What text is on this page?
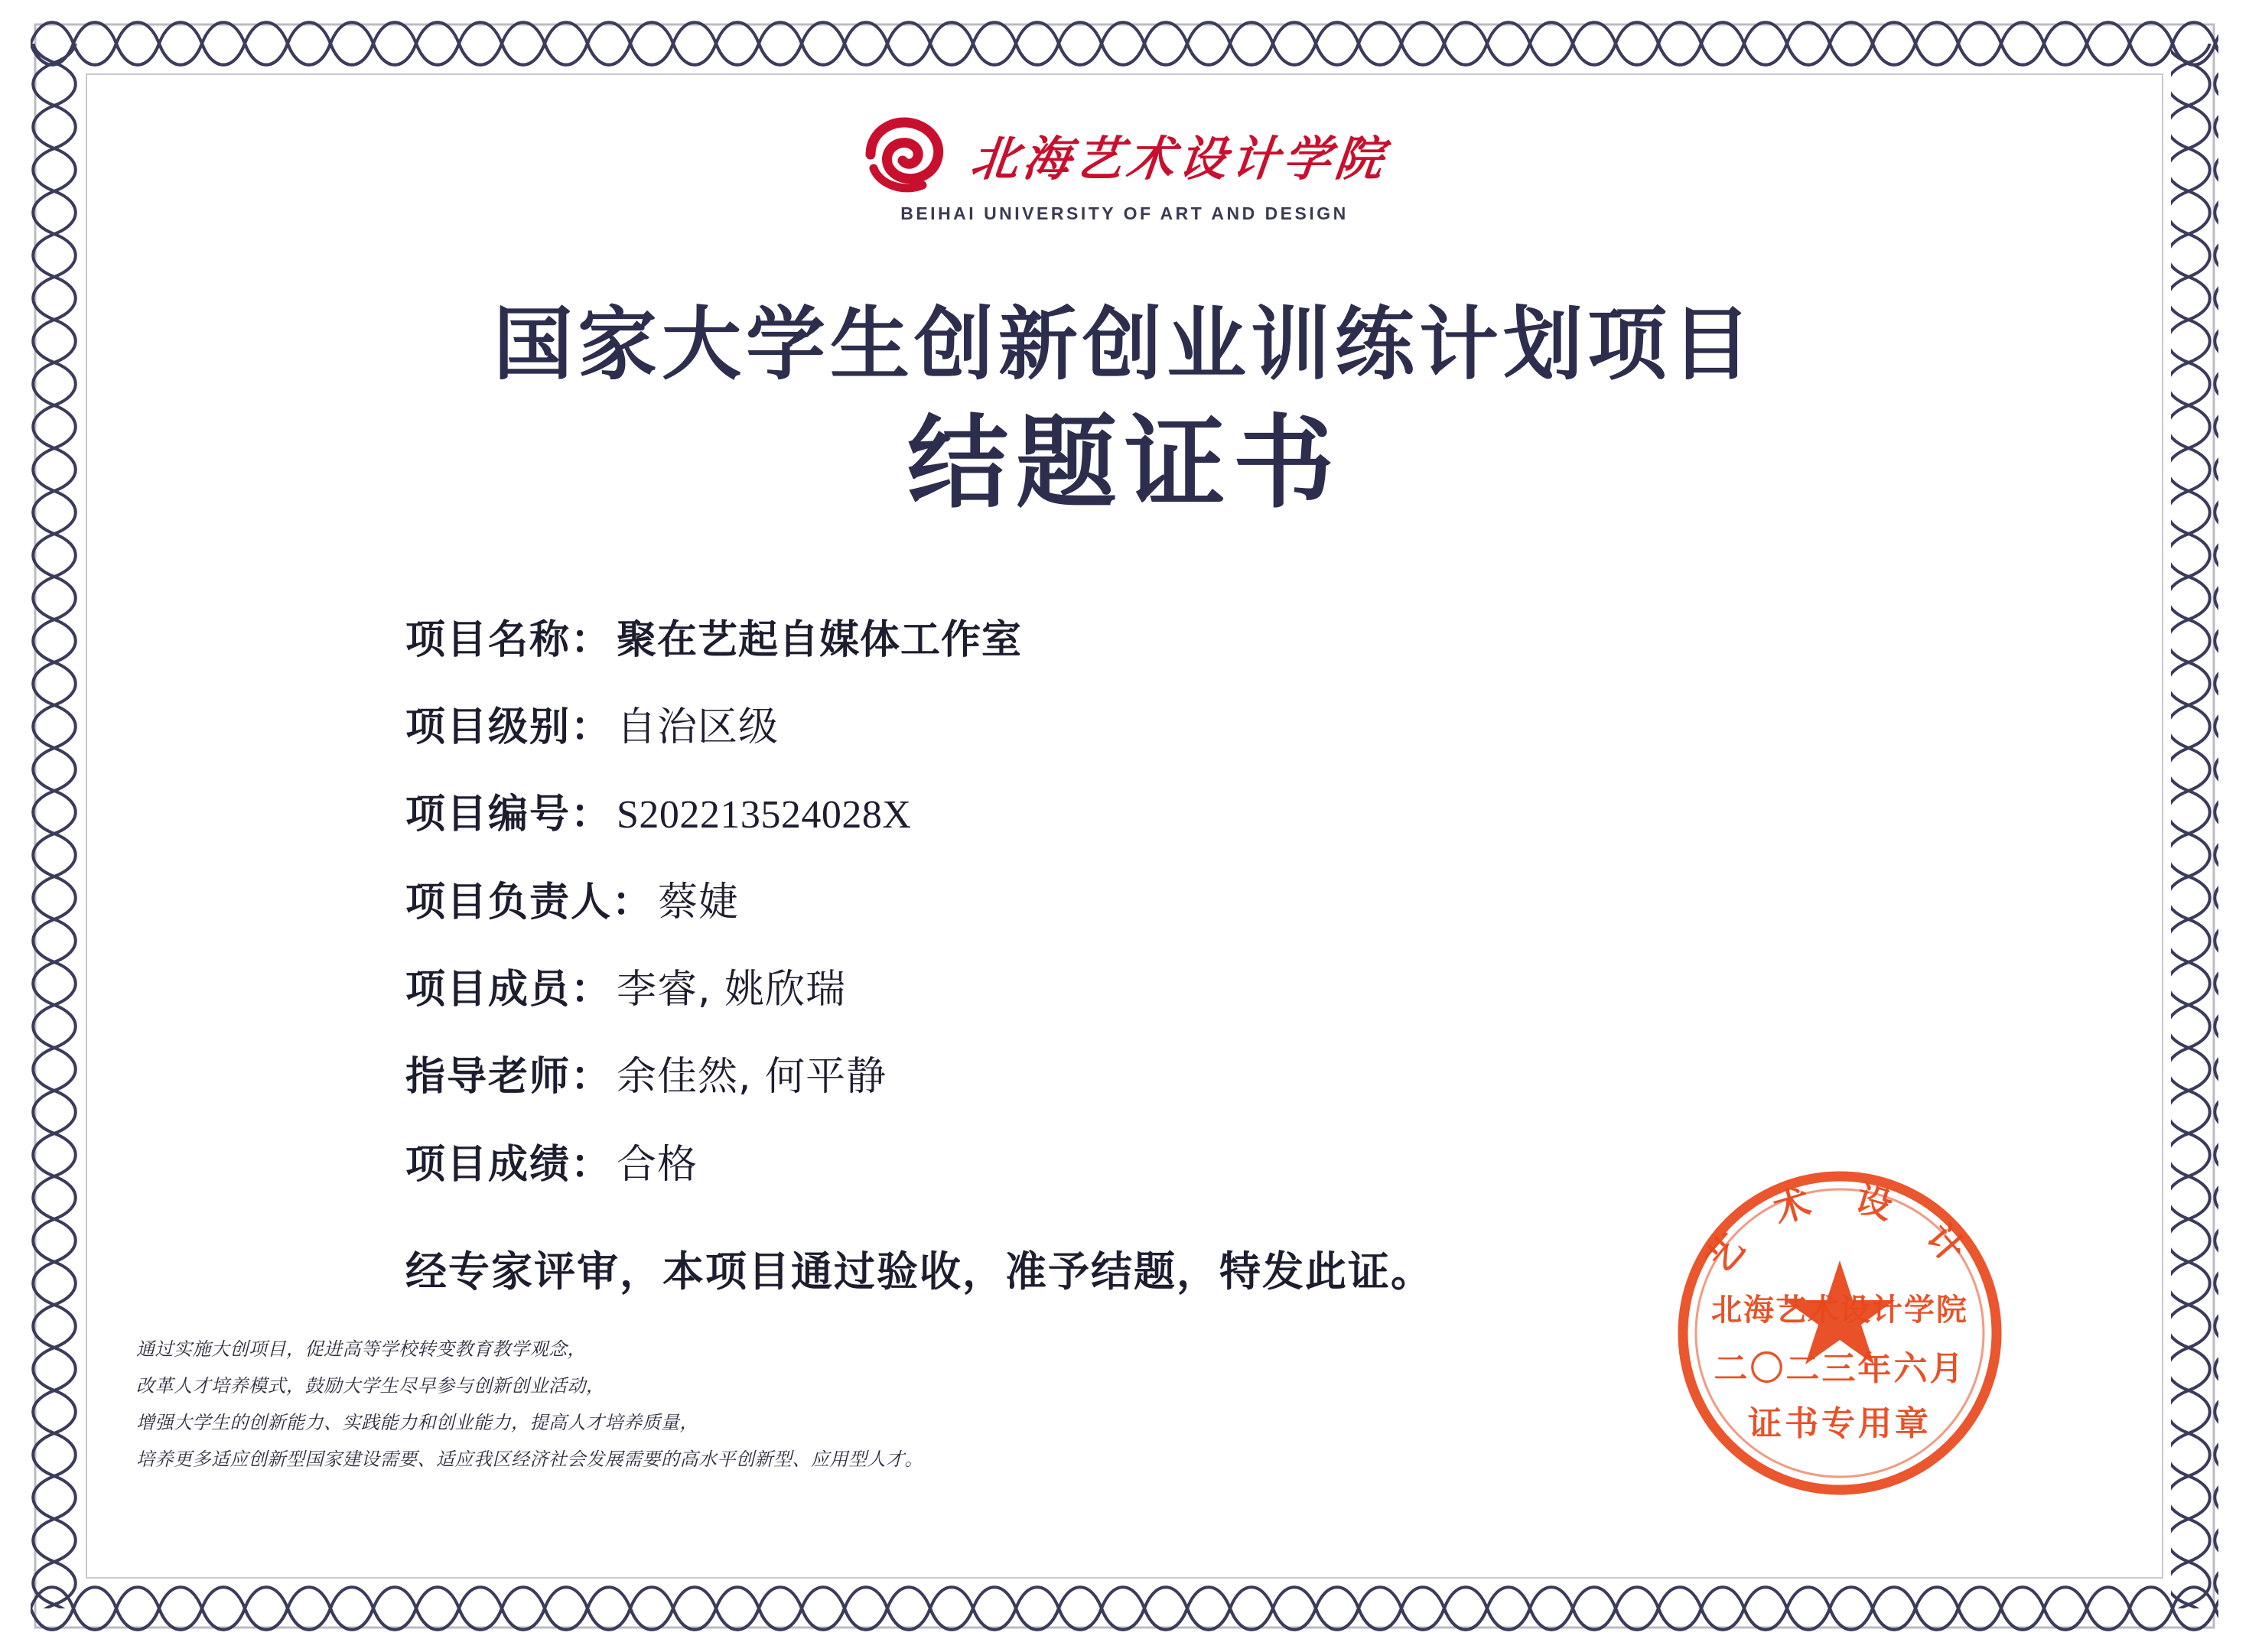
北海艺术设计学院
BEIHAI UNIVERSITY OF ART AND DESIGN
国家大学生创新创业训练计划项目
结题证书
项目名称： 聚在艺起自媒体工作室
项目级别： 自治区级
项目编号： S202213524028X
项目负责人： 蔡婕
项目成员： 李睿, 姚欣瑞
指导老师： 余佳然, 何平静
项目成绩： 合格
经专家评审，本项目通过验收，准予结题，特发此证。
通过实施大创项目，促进高等学校转变教育教学观念，
改革人才培养模式，鼓励大学生尽早参与创新创业活动，
增强大学生的创新能力、实践能力和创业能力，提高人才培养质量，
培养更多适应创新型国家建设需要、适应我区经济社会发展需要的高水平创新型、应用型人才。
艺 术 设 计
北海艺术设计学院
二〇二三年六月
证书专用章
